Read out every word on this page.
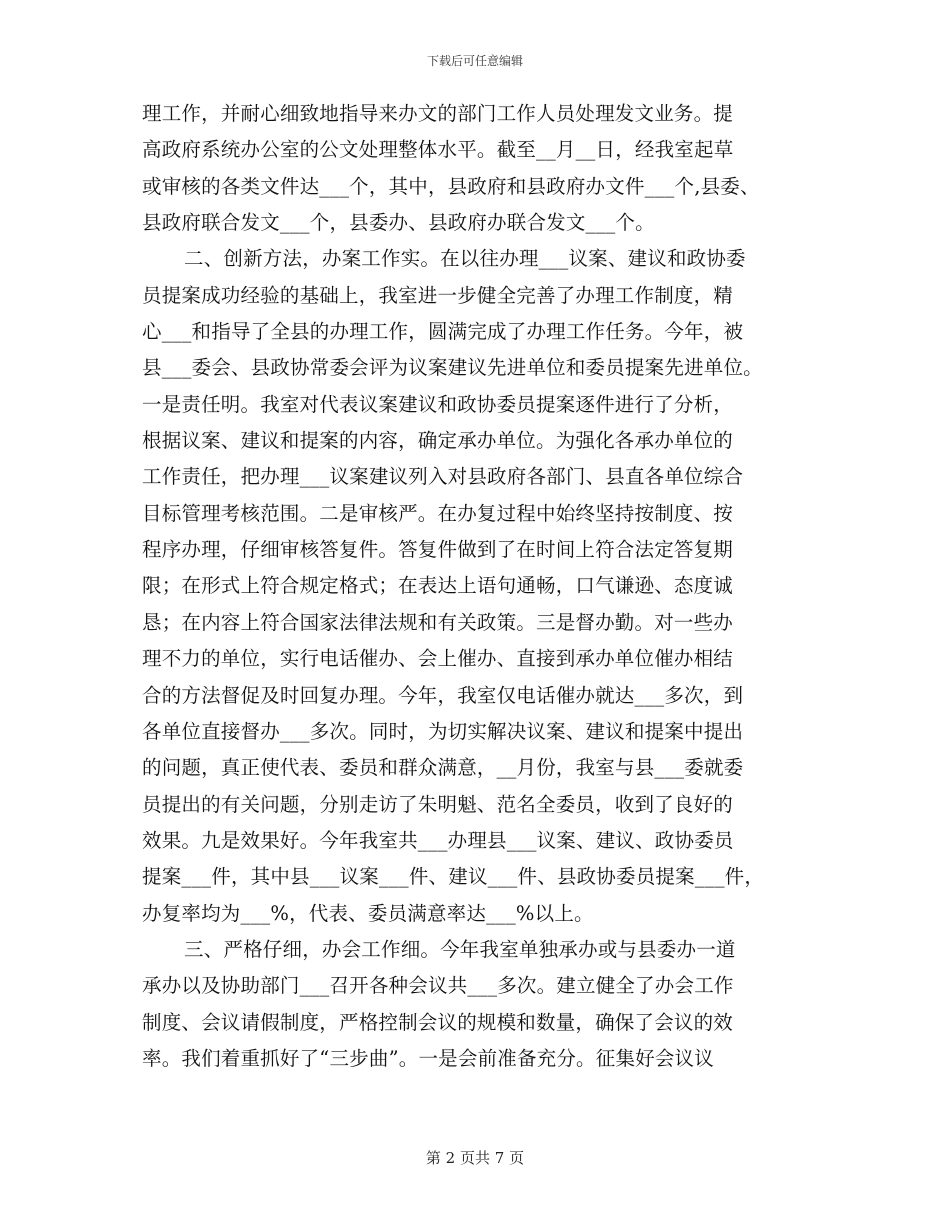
下载后可任意编辑
理工作，并耐心细致地指导来办文的部门工作人员处理发文业务。提
高政府系统办公室的公文处理整体水平。截至__月__日，经我室起草
或审核的各类文件达___个，其中，县政府和县政府办文件___个,县委、
县政府联合发文___个，县委办、县政府办联合发文___个。
二、创新方法，办案工作实。在以往办理___议案、建议和政协委
员提案成功经验的基础上，我室进一步健全完善了办理工作制度，精
心___和指导了全县的办理工作，圆满完成了办理工作任务。今年，被
县___委会、县政协常委会评为议案建议先进单位和委员提案先进单位。
一是责任明。我室对代表议案建议和政协委员提案逐件进行了分析，
根据议案、建议和提案的内容，确定承办单位。为强化各承办单位的
工作责任，把办理___议案建议列入对县政府各部门、县直各单位综合
目标管理考核范围。二是审核严。在办复过程中始终坚持按制度、按
程序办理，仔细审核答复件。答复件做到了在时间上符合法定答复期
限；在形式上符合规定格式；在表达上语句通畅，口气谦逊、态度诚
恳；在内容上符合国家法律法规和有关政策。三是督办勤。对一些办
理不力的单位，实行电话催办、会上催办、直接到承办单位催办相结
合的方法督促及时回复办理。今年，我室仅电话催办就达___多次，到
各单位直接督办___多次。同时，为切实解决议案、建议和提案中提出
的问题，真正使代表、委员和群众满意，__月份，我室与县___委就委
员提出的有关问题，分别走访了朱明魁、范名全委员，收到了良好的
效果。九是效果好。今年我室共___办理县___议案、建议、政协委员
提案___件，其中县___议案___件、建议___件、县政协委员提案___件，
办复率均为___%，代表、委员满意率达___%以上。
三、严格仔细，办会工作细。今年我室单独承办或与县委办一道
承办以及协助部门___召开各种会议共___多次。建立健全了办会工作
制度、会议请假制度，严格控制会议的规模和数量，确保了会议的效
率。我们着重抓好了“三步曲”。一是会前准备充分。征集好会议议
第 2 页共 7 页
